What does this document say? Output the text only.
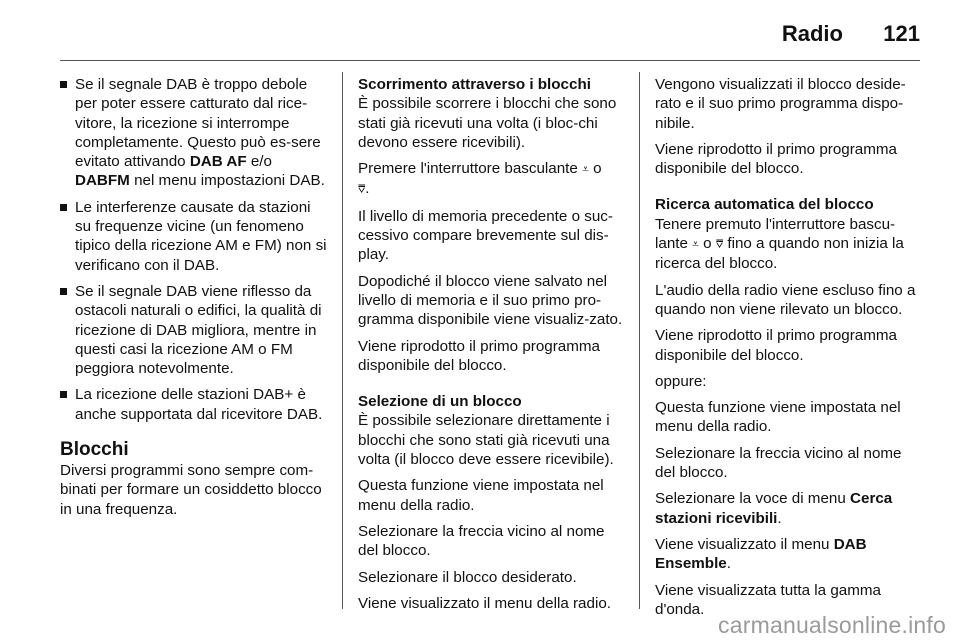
Radio 121
Se il segnale DAB è troppo debole per poter essere catturato dal rice-vitore, la ricezione si interrompe completamente. Questo può es-sere evitato attivando DAB AF e/o DABFM nel menu impostazioni DAB.
Le interferenze causate da stazioni su frequenze vicine (un fenomeno tipico della ricezione AM e FM) non si verificano con il DAB.
Se il segnale DAB viene riflesso da ostacoli naturali o edifici, la qualità di ricezione di DAB migliora, mentre in questi casi la ricezione AM o FM peggiora notevolmente.
La ricezione delle stazioni DAB+ è anche supportata dal ricevitore DAB.
Blocchi

Diversi programmi sono sempre com-binati per formare un cosiddetto blocco in una frequenza.

Scorrimento attraverso i blocchi

È possibile scorrere i blocchi che sono stati già ricevuti una volta (i bloc-chi devono essere ricevibili).

Premere l'interruttore basculante ⩡ o
⩢.

Il livello di memoria precedente o suc-cessivo compare brevemente sul dis-play.

Dopodiché il blocco viene salvato nel livello di memoria e il suo primo pro-gramma disponibile viene visualiz-zato.

Viene riprodotto il primo programma disponibile del blocco.

Selezione di un blocco

È possibile selezionare direttamente i blocchi che sono stati già ricevuti una volta (il blocco deve essere ricevibile).

Questa funzione viene impostata nel menu della radio.

Selezionare la freccia vicino al nome del blocco.

Selezionare il blocco desiderato.

Viene visualizzato il menu della radio.

Vengono visualizzati il blocco deside-rato e il suo primo programma dispo-nibile.

Viene riprodotto il primo programma disponibile del blocco.

Ricerca automatica del blocco

Tenere premuto l'interruttore bascu-lante ⩡ o ⩢ fino a quando non inizia la ricerca del blocco.

L'audio della radio viene escluso fino a quando non viene rilevato un blocco.

Viene riprodotto il primo programma disponibile del blocco.

oppure:

Questa funzione viene impostata nel menu della radio.

Selezionare la freccia vicino al nome del blocco.

Selezionare la voce di menu Cerca stazioni ricevibili.

Viene visualizzato il menu DAB Ensemble.

Viene visualizzata tutta la gamma d'onda.

carmanualsonline.info
